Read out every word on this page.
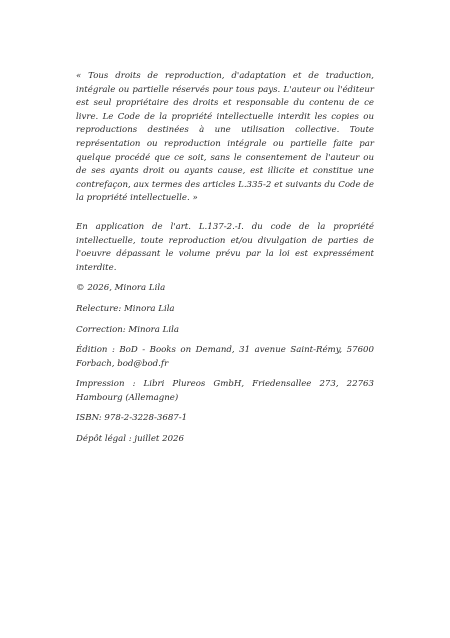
« Tous droits de reproduction, d'adaptation et de traduction, intégrale ou partielle réservés pour tous pays. L'auteur ou l'éditeur est seul propriétaire des droits et responsable du contenu de ce livre. Le Code de la propriété intellectuelle interdit les copies ou reproductions destinées à une utilisation collective. Toute représentation ou reproduction intégrale ou partielle faite par quelque procédé que ce soit, sans le consentement de l'auteur ou de ses ayants droit ou ayants cause, est illicite et constitue une contrefaçon, aux termes des articles L.335-2 et suivants du Code de la propriété intellectuelle. »

En application de l'art. L.137-2.-I. du code de la propriété intellectuelle, toute reproduction et/ou divulgation de parties de l'oeuvre dépassant le volume prévu par la loi est expressément interdite.

© 2026, Minora Lila

Relecture: Minora Lila

Correction: Minora Lila

Édition : BoD - Books on Demand, 31 avenue Saint-Rémy, 57600 Forbach, bod@bod.fr

Impression : Libri Plureos GmbH, Friedensallee 273, 22763 Hambourg (Allemagne)

ISBN: 978-2-3228-3687-1

Dépôt légal : juillet 2026
